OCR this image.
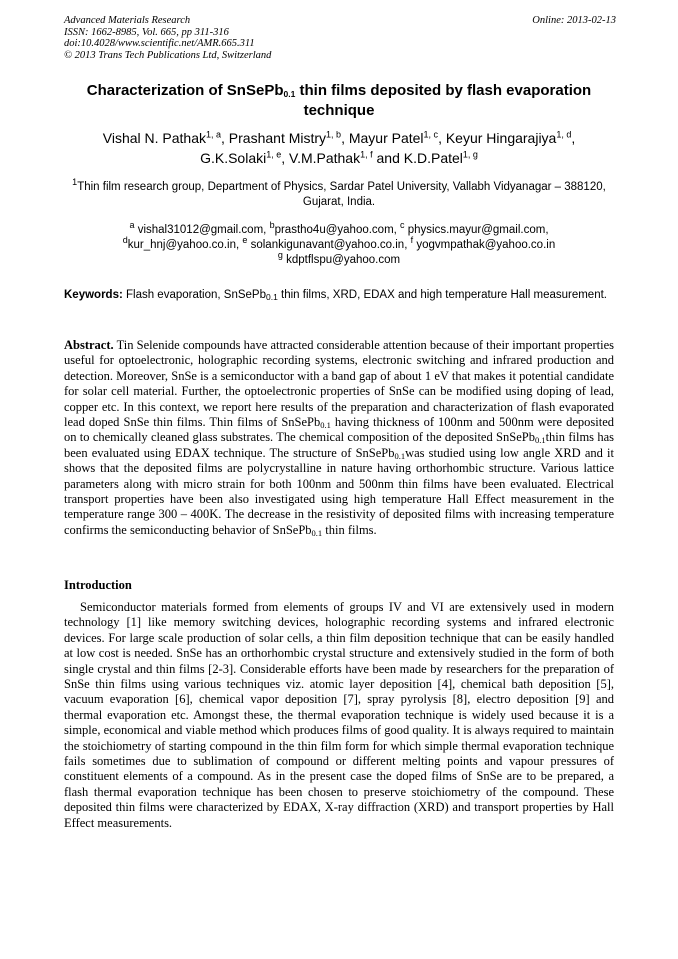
Advanced Materials Research
ISSN: 1662-8985, Vol. 665, pp 311-316
doi:10.4028/www.scientific.net/AMR.665.311
© 2013 Trans Tech Publications Ltd, Switzerland
Online: 2013-02-13
Characterization of SnSePb$_{0.1}$ thin films deposited by flash evaporation technique
Vishal N. Pathak$^{1, a}$, Prashant Mistry$^{1, b}$, Mayur Patel$^{1, c}$, Keyur Hingarajiya$^{1, d}$,
G.K.Solaki$^{1, e}$, V.M.Pathak$^{1, f}$ and K.D.Patel$^{1, g}$
$^1$Thin film research group, Department of Physics, Sardar Patel University, Vallabh Vidyanagar – 388120, Gujarat, India.
$^a$ vishal31012@gmail.com, $^b$prastho4u@yahoo.com, $^c$ physics.mayur@gmail.com,
$^d$kur_hnj@yahoo.co.in, $^e$ solankigunavant@yahoo.co.in, $^f$ yogvmpathak@yahoo.co.in
$^g$ kdptflspu@yahoo.com
Keywords: Flash evaporation, SnSePb$_{0.1}$ thin films, XRD, EDAX and high temperature Hall measurement.

Abstract. Tin Selenide compounds have attracted considerable attention because of their important properties useful for optoelectronic, holographic recording systems, electronic switching and infrared production and detection. Moreover, SnSe is a semiconductor with a band gap of about 1 eV that makes it potential candidate for solar cell material. Further, the optoelectronic properties of SnSe can be modified using doping of lead, copper etc. In this context, we report here results of the preparation and characterization of flash evaporated lead doped SnSe thin films. Thin films of SnSePb$_{0.1}$ having thickness of 100nm and 500nm were deposited on to chemically cleaned glass substrates. The chemical composition of the deposited SnSePb$_{0.1}$thin films has been evaluated using EDAX technique. The structure of SnSePb$_{0.1}$was studied using low angle XRD and it shows that the deposited films are polycrystalline in nature having orthorhombic structure. Various lattice parameters along with micro strain for both 100nm and 500nm thin films have been evaluated. Electrical transport properties have been also investigated using high temperature Hall Effect measurement in the temperature range 300 – 400K. The decrease in the resistivity of deposited films with increasing temperature confirms the semiconducting behavior of SnSePb$_{0.1}$ thin films.

Introduction

Semiconductor materials formed from elements of groups IV and VI are extensively used in modern technology [1] like memory switching devices, holographic recording systems and infrared electronic devices. For large scale production of solar cells, a thin film deposition technique that can be easily handled at low cost is needed. SnSe has an orthorhombic crystal structure and extensively studied in the form of both single crystal and thin films [2-3]. Considerable efforts have been made by researchers for the preparation of SnSe thin films using various techniques viz. atomic layer deposition [4], chemical bath deposition [5], vacuum evaporation [6], chemical vapor deposition [7], spray pyrolysis [8], electro deposition [9] and thermal evaporation etc. Amongst these, the thermal evaporation technique is widely used because it is a simple, economical and viable method which produces films of good quality. It is always required to maintain the stoichiometry of starting compound in the thin film form for which simple thermal evaporation technique fails sometimes due to sublimation of compound or different melting points and vapour pressures of constituent elements of a compound. As in the present case the doped films of SnSe are to be prepared, a flash thermal evaporation technique has been chosen to preserve stoichiometry of the compound. These deposited thin films were characterized by EDAX, X-ray diffraction (XRD) and transport properties by Hall Effect measurements.
